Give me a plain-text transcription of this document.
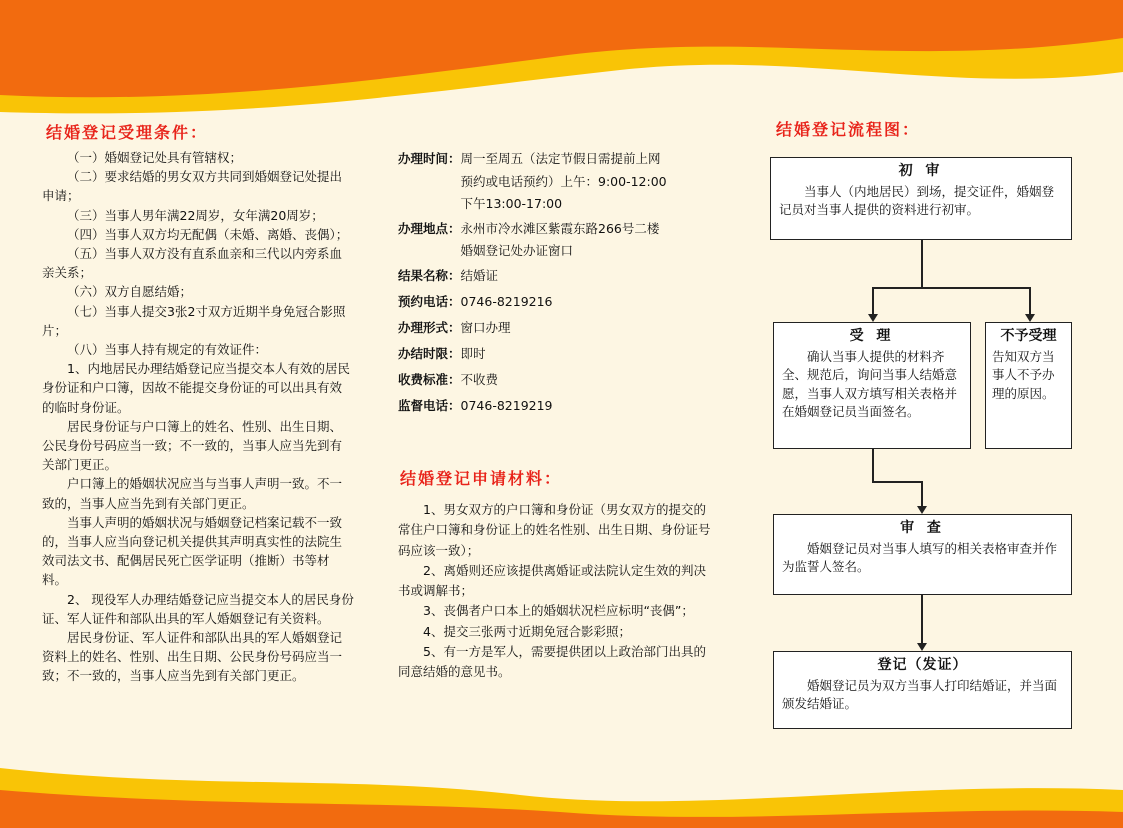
结婚登记受理条件：

（一）婚姻登记处具有管辖权；

（二）要求结婚的男女双方共同到婚姻登记处提出申请；

（三）当事人男年满22周岁，女年满20周岁；

（四）当事人双方均无配偶（未婚、离婚、丧偶）；

（五）当事人双方没有直系血亲和三代以内旁系血亲关系；

（六）双方自愿结婚；

（七）当事人提交3张2寸双方近期半身免冠合影照片；

（八）当事人持有规定的有效证件：

1、内地居民办理结婚登记应当提交本人有效的居民身份证和户口簿，因故不能提交身份证的可以出具有效的临时身份证。

居民身份证与户口簿上的姓名、性别、出生日期、公民身份号码应当一致；不一致的，当事人应当先到有关部门更正。

户口簿上的婚姻状况应当与当事人声明一致。不一致的，当事人应当先到有关部门更正。

当事人声明的婚姻状况与婚姻登记档案记载不一致的，当事人应当向登记机关提供其声明真实性的法院生效司法文书、配偶居民死亡医学证明（推断）书等材料。

2、 现役军人办理结婚登记应当提交本人的居民身份证、军人证件和部队出具的军人婚姻登记有关资料。

居民身份证、军人证件和部队出具的军人婚姻登记资料上的姓名、性别、出生日期、公民身份号码应当一致；不一致的，当事人应当先到有关部门更正。

办理时间： 周一至周五（法定节假日需提前上网
预约或电话预约）上午：9:00-12:00
下午13:00-17:00
办理地点： 永州市冷水滩区紫霞东路266号二楼
婚姻登记处办证窗口
结果名称： 结婚证
预约电话： 0746-8219216
办理形式： 窗口办理
办结时限： 即时
收费标准： 不收费
监督电话： 0746-8219219
结婚登记申请材料：

1、男女双方的户口簿和身份证（男女双方的提交的常住户口簿和身份证上的姓名性别、出生日期、身份证号码应该一致）；

2、离婚则还应该提供离婚证或法院认定生效的判决书或调解书；

3、丧偶者户口本上的婚姻状况栏应标明“丧偶”；

4、提交三张两寸近期免冠合影彩照；

5、有一方是军人，需要提供团以上政治部门出具的同意结婚的意见书。

结婚登记流程图：
初 审
当事人（内地居民）到场，提交证件，婚姻登记员对当事人提供的资料进行初审。
受 理
确认当事人提供的材料齐全、规范后，询问当事人结婚意愿，当事人双方填写相关表格并在婚姻登记员当面签名。
不予受理
告知双方当事人不予办理的原因。
审 查
婚姻登记员对当事人填写的相关表格审查并作为监誓人签名。
登记（发证）
婚姻登记员为双方当事人打印结婚证，并当面颁发结婚证。
